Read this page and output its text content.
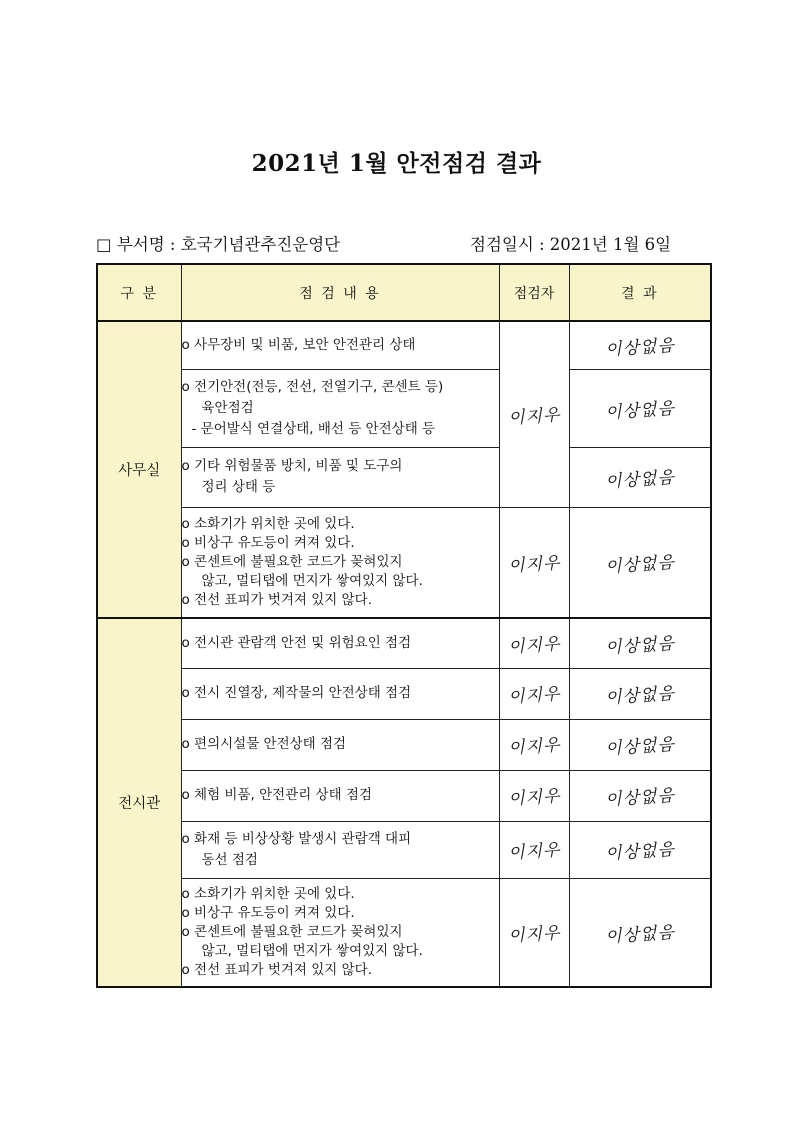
2021년 1월 안전점검 결과
□ 부서명 : 호국기념관추진운영단	점검일시 : 2021년 1월 6일
구 분	점 검 내 용	점검자	결 과
사무실	o 사무장비 및 비품, 보안 안전관리 상태	이지우	이상없음

	o 전기안전(전등, 전선, 전열기구, 콘센트 등)
육안점검
- 문어발식 연결상태, 배선 등 안전상태 등		이상없음

	o 기타 위험물품 방치, 비품 및 도구의
정리 상태 등		이상없음

	o 소화기가 위치한 곳에 있다.
o 비상구 유도등이 켜져 있다.
o 콘센트에 불필요한 코드가 꽂혀있지
않고, 멀티탭에 먼지가 쌓여있지 않다.
o 전선 표피가 벗겨져 있지 않다.	이지우	이상없음
전시관	o 전시관 관람객 안전 및 위험요인 점검	이지우	이상없음

	o 전시 진열장, 제작물의 안전상태 점검	이지우	이상없음

	o 편의시설물 안전상태 점검	이지우	이상없음

	o 체험 비품, 안전관리 상태 점검	이지우	이상없음

	o 화재 등 비상상황 발생시 관람객 대피
동선 점검	이지우	이상없음

	o 소화기가 위치한 곳에 있다.
o 비상구 유도등이 켜져 있다.
o 콘센트에 불필요한 코드가 꽂혀있지
않고, 멀티탭에 먼지가 쌓여있지 않다.
o 전선 표피가 벗겨져 있지 않다.	이지우	이상없음
